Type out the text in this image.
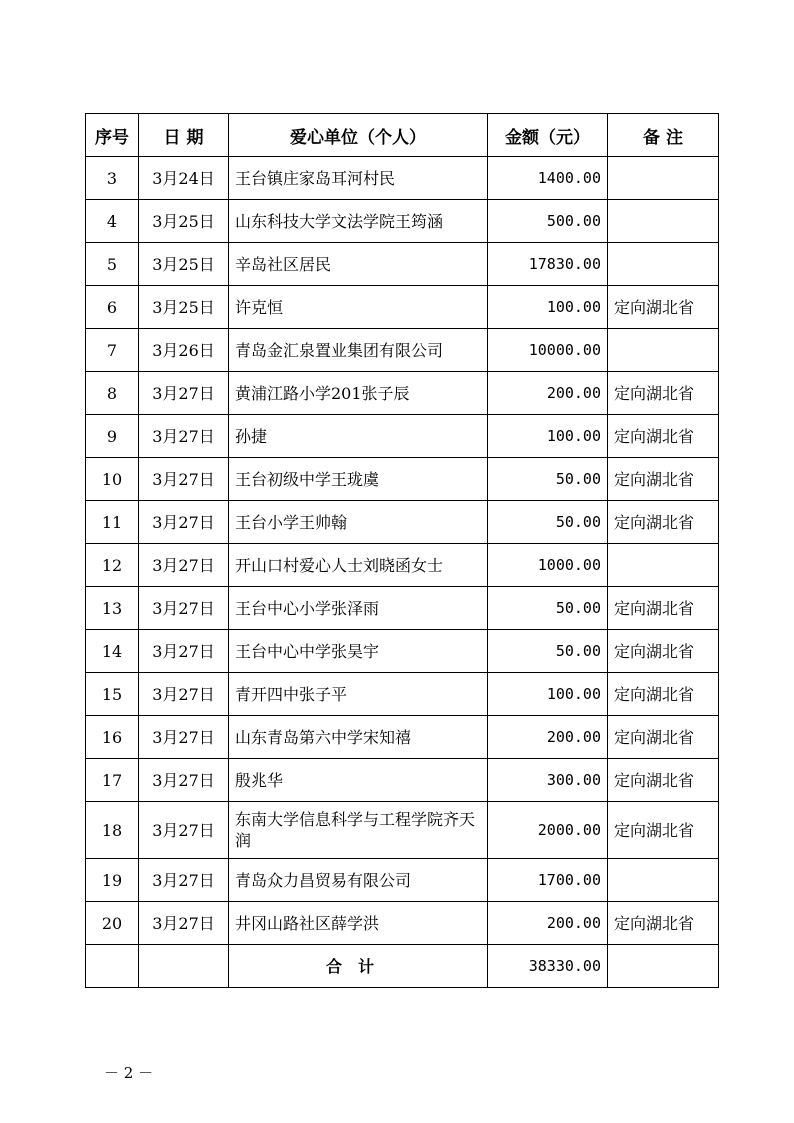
序号	日 期	爱心单位（个人）	金额（元）	备 注
3	3月24日	王台镇庄家岛耳河村民	1400.00	
4	3月25日	山东科技大学文法学院王筠涵	500.00	
5	3月25日	辛岛社区居民	17830.00	
6	3月25日	许克恒	100.00	定向湖北省
7	3月26日	青岛金汇泉置业集团有限公司	10000.00	
8	3月27日	黄浦江路小学201张子辰	200.00	定向湖北省
9	3月27日	孙捷	100.00	定向湖北省
10	3月27日	王台初级中学王珑虞	50.00	定向湖北省
11	3月27日	王台小学王帅翰	50.00	定向湖北省
12	3月27日	开山口村爱心人士刘晓函女士	1000.00	
13	3月27日	王台中心小学张泽雨	50.00	定向湖北省
14	3月27日	王台中心中学张昊宇	50.00	定向湖北省
15	3月27日	青开四中张子平	100.00	定向湖北省
16	3月27日	山东青岛第六中学宋知禧	200.00	定向湖北省
17	3月27日	殷兆华	300.00	定向湖北省
18	3月27日	东南大学信息科学与工程学院齐天润	2000.00	定向湖北省
19	3月27日	青岛众力昌贸易有限公司	1700.00	
20	3月27日	井冈山路社区薛学洪	200.00	定向湖北省
		合计	38330.00	
－ 2 －
